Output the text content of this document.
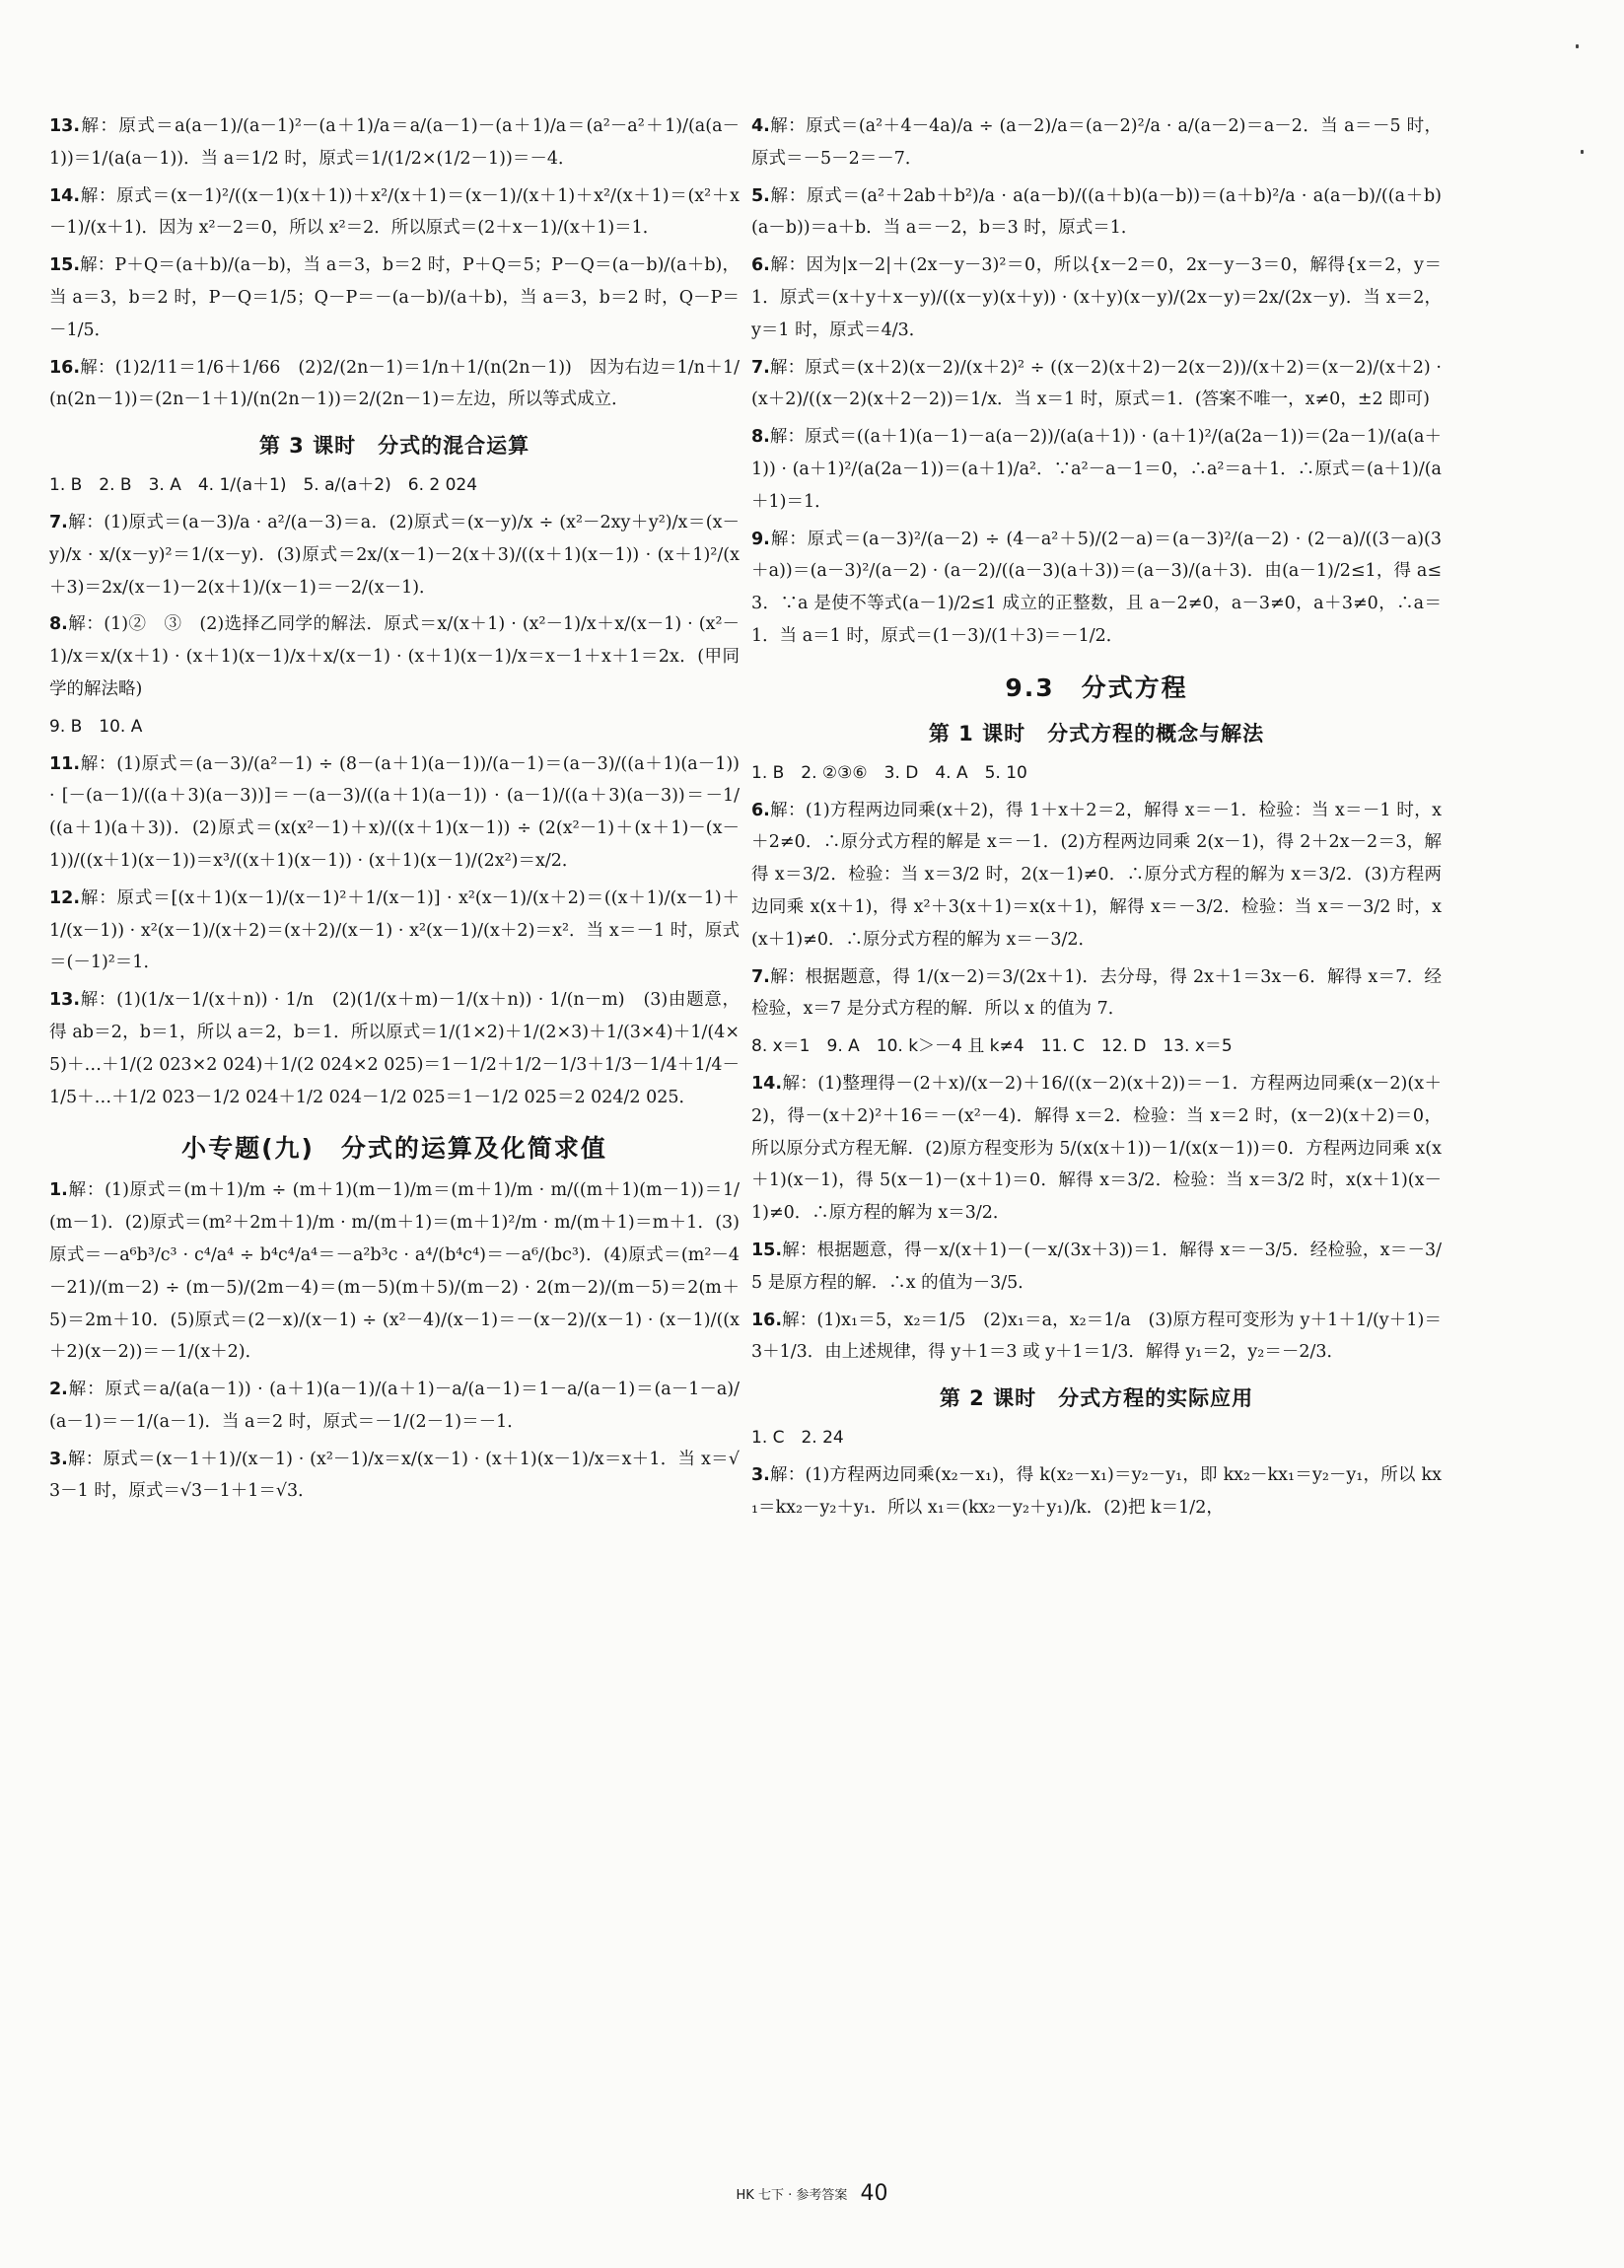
13.解：原式＝a(a－1)/(a－1)²－(a＋1)/a＝a/(a－1)－(a＋1)/a＝(a²－a²＋1)/(a(a－1))＝1/(a(a－1))．当 a＝1/2 时，原式＝1/(1/2×(1/2－1))＝－4．
14.解：原式＝(x－1)²/((x－1)(x＋1))＋x²/(x＋1)＝(x－1)/(x＋1)＋x²/(x＋1)＝(x²＋x－1)/(x＋1)．因为 x²－2＝0，所以 x²＝2．所以原式＝(2＋x－1)/(x＋1)＝1．
15.解：P＋Q＝(a＋b)/(a－b)，当 a＝3，b＝2 时，P＋Q＝5；P－Q＝(a－b)/(a＋b)，当 a＝3，b＝2 时，P－Q＝1/5；Q－P＝－(a－b)/(a＋b)，当 a＝3，b＝2 时，Q－P＝－1/5．
16.解：(1)2/11＝1/6＋1/66　(2)2/(2n－1)＝1/n＋1/(n(2n－1))　因为右边＝1/n＋1/(n(2n－1))＝(2n－1＋1)/(n(2n－1))＝2/(2n－1)＝左边，所以等式成立．
第 3 课时　分式的混合运算
1. B　2. B　3. A　4. 1/(a＋1)　5. a/(a＋2)　6. 2 024
7.解：(1)原式＝(a－3)/a · a²/(a－3)＝a．(2)原式＝(x－y)/x ÷ (x²－2xy＋y²)/x＝(x－y)/x · x/(x－y)²＝1/(x－y)．(3)原式＝2x/(x－1)－2(x＋3)/((x＋1)(x－1)) · (x＋1)²/(x＋3)＝2x/(x－1)－2(x＋1)/(x－1)＝－2/(x－1)．
8.解：(1)②　③　(2)选择乙同学的解法．原式＝x/(x＋1) · (x²－1)/x＋x/(x－1) · (x²－1)/x＝x/(x＋1) · (x＋1)(x－1)/x＋x/(x－1) · (x＋1)(x－1)/x＝x－1＋x＋1＝2x．(甲同学的解法略)
9. B　10. A
11.解：(1)原式＝(a－3)/(a²－1) ÷ (8－(a＋1)(a－1))/(a－1)＝(a－3)/((a＋1)(a－1)) · [－(a－1)/((a＋3)(a－3))]＝－(a－3)/((a＋1)(a－1)) · (a－1)/((a＋3)(a－3))＝－1/((a＋1)(a＋3))．(2)原式＝(x(x²－1)＋x)/((x＋1)(x－1)) ÷ (2(x²－1)＋(x＋1)－(x－1))/((x＋1)(x－1))＝x³/((x＋1)(x－1)) · (x＋1)(x－1)/(2x²)＝x/2．
12.解：原式＝[(x＋1)(x－1)/(x－1)²＋1/(x－1)] · x²(x－1)/(x＋2)＝((x＋1)/(x－1)＋1/(x－1)) · x²(x－1)/(x＋2)＝(x＋2)/(x－1) · x²(x－1)/(x＋2)＝x²．当 x＝－1 时，原式＝(－1)²＝1．
13.解：(1)(1/x－1/(x＋n)) · 1/n　(2)(1/(x＋m)－1/(x＋n)) · 1/(n－m)　(3)由题意，得 ab＝2，b＝1，所以 a＝2，b＝1．所以原式＝1/(1×2)＋1/(2×3)＋1/(3×4)＋1/(4×5)＋…＋1/(2 023×2 024)＋1/(2 024×2 025)＝1－1/2＋1/2－1/3＋1/3－1/4＋1/4－1/5＋…＋1/2 023－1/2 024＋1/2 024－1/2 025＝1－1/2 025＝2 024/2 025．
小专题(九)　分式的运算及化简求值
1.解：(1)原式＝(m＋1)/m ÷ (m＋1)(m－1)/m＝(m＋1)/m · m/((m＋1)(m－1))＝1/(m－1)．(2)原式＝(m²＋2m＋1)/m · m/(m＋1)＝(m＋1)²/m · m/(m＋1)＝m＋1．(3)原式＝－a⁶b³/c³ · c⁴/a⁴ ÷ b⁴c⁴/a⁴＝－a²b³c · a⁴/(b⁴c⁴)＝－a⁶/(bc³)．(4)原式＝(m²－4－21)/(m－2) ÷ (m－5)/(2m－4)＝(m－5)(m＋5)/(m－2) · 2(m－2)/(m－5)＝2(m＋5)＝2m＋10．(5)原式＝(2－x)/(x－1) ÷ (x²－4)/(x－1)＝－(x－2)/(x－1) · (x－1)/((x＋2)(x－2))＝－1/(x＋2)．
2.解：原式＝a/(a(a－1)) · (a＋1)(a－1)/(a＋1)－a/(a－1)＝1－a/(a－1)＝(a－1－a)/(a－1)＝－1/(a－1)．当 a＝2 时，原式＝－1/(2－1)＝－1．
3.解：原式＝(x－1＋1)/(x－1) · (x²－1)/x＝x/(x－1) · (x＋1)(x－1)/x＝x＋1．当 x＝√3－1 时，原式＝√3－1＋1＝√3．
4.解：原式＝(a²＋4－4a)/a ÷ (a－2)/a＝(a－2)²/a · a/(a－2)＝a－2．当 a＝－5 时，原式＝－5－2＝－7．
5.解：原式＝(a²＋2ab＋b²)/a · a(a－b)/((a＋b)(a－b))＝(a＋b)²/a · a(a－b)/((a＋b)(a－b))＝a＋b．当 a＝－2，b＝3 时，原式＝1．
6.解：因为|x－2|＋(2x－y－3)²＝0，所以{x－2＝0，2x－y－3＝0，解得{x＝2，y＝1．原式＝(x＋y＋x－y)/((x－y)(x＋y)) · (x＋y)(x－y)/(2x－y)＝2x/(2x－y)．当 x＝2，y＝1 时，原式＝4/3．
7.解：原式＝(x＋2)(x－2)/(x＋2)² ÷ ((x－2)(x＋2)－2(x－2))/(x＋2)＝(x－2)/(x＋2) · (x＋2)/((x－2)(x＋2－2))＝1/x．当 x＝1 时，原式＝1．(答案不唯一，x≠0，±2 即可)
8.解：原式＝((a＋1)(a－1)－a(a－2))/(a(a＋1)) · (a＋1)²/(a(2a－1))＝(2a－1)/(a(a＋1)) · (a＋1)²/(a(2a－1))＝(a＋1)/a²．∵a²－a－1＝0，∴a²＝a＋1．∴原式＝(a＋1)/(a＋1)＝1．
9.解：原式＝(a－3)²/(a－2) ÷ (4－a²＋5)/(2－a)＝(a－3)²/(a－2) · (2－a)/((3－a)(3＋a))＝(a－3)²/(a－2) · (a－2)/((a－3)(a＋3))＝(a－3)/(a＋3)．由(a－1)/2≤1，得 a≤3．∵a 是使不等式(a－1)/2≤1 成立的正整数，且 a－2≠0，a－3≠0，a＋3≠0，∴a＝1．当 a＝1 时，原式＝(1－3)/(1＋3)＝－1/2．
9.3　分式方程
第 1 课时　分式方程的概念与解法
1. B　2. ②③⑥　3. D　4. A　5. 10
6.解：(1)方程两边同乘(x＋2)，得 1＋x＋2＝2，解得 x＝－1．检验：当 x＝－1 时，x＋2≠0．∴原分式方程的解是 x＝－1．(2)方程两边同乘 2(x－1)，得 2＋2x－2＝3，解得 x＝3/2．检验：当 x＝3/2 时，2(x－1)≠0．∴原分式方程的解为 x＝3/2．(3)方程两边同乘 x(x＋1)，得 x²＋3(x＋1)＝x(x＋1)，解得 x＝－3/2．检验：当 x＝－3/2 时，x(x＋1)≠0．∴原分式方程的解为 x＝－3/2．
7.解：根据题意，得 1/(x－2)＝3/(2x＋1)．去分母，得 2x＋1＝3x－6．解得 x＝7．经检验，x＝7 是分式方程的解．所以 x 的值为 7．
8. x＝1　9. A　10. k＞－4 且 k≠4　11. C　12. D　13. x＝5
14.解：(1)整理得－(2＋x)/(x－2)＋16/((x－2)(x＋2))＝－1．方程两边同乘(x－2)(x＋2)，得－(x＋2)²＋16＝－(x²－4)．解得 x＝2．检验：当 x＝2 时，(x－2)(x＋2)＝0，所以原分式方程无解．(2)原方程变形为 5/(x(x＋1))－1/(x(x－1))＝0．方程两边同乘 x(x＋1)(x－1)，得 5(x－1)－(x＋1)＝0．解得 x＝3/2．检验：当 x＝3/2 时，x(x＋1)(x－1)≠0．∴原方程的解为 x＝3/2．
15.解：根据题意，得－x/(x＋1)－(－x/(3x＋3))＝1．解得 x＝－3/5．经检验，x＝－3/5 是原方程的解．∴x 的值为－3/5．
16.解：(1)x₁＝5，x₂＝1/5　(2)x₁＝a，x₂＝1/a　(3)原方程可变形为 y＋1＋1/(y＋1)＝3＋1/3．由上述规律，得 y＋1＝3 或 y＋1＝1/3．解得 y₁＝2，y₂＝－2/3．
第 2 课时　分式方程的实际应用
1. C　2. 24
3.解：(1)方程两边同乘(x₂－x₁)，得 k(x₂－x₁)＝y₂－y₁，即 kx₂－kx₁＝y₂－y₁，所以 kx₁＝kx₂－y₂＋y₁．所以 x₁＝(kx₂－y₂＋y₁)/k．(2)把 k＝1/2，
HK 七下 · 参考答案 40
